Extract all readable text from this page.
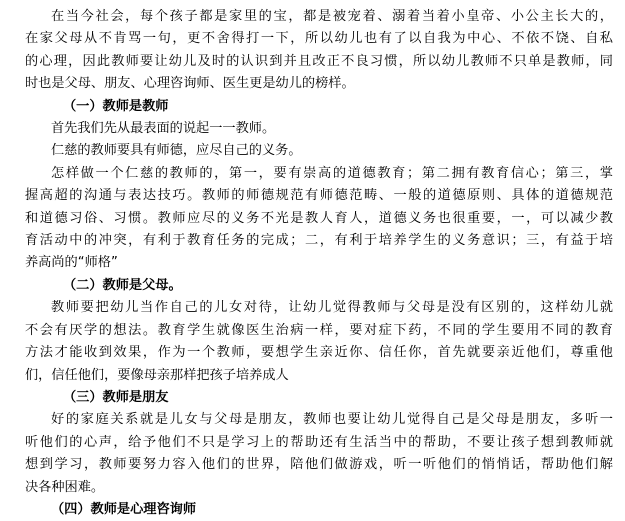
在当今社会，每个孩子都是家里的宝，都是被宠着、溺着当着小皇帝、小公主长大的，
在家父母从不肯骂一句，更不舍得打一下，所以幼儿也有了以自我为中心、不依不饶、自私
的心理，因此教师要让幼儿及时的认识到并且改正不良习惯，所以幼儿教师不只单是教师，同
时也是父母、朋友、心理咨询师、医生更是幼儿的榜样。
（一）教师是教师
首先我们先从最表面的说起一一教师。
仁慈的教师要具有师德，应尽自己的义务。
怎样做一个仁慈的教师的，第一，要有崇高的道德教育；第二拥有教育信心；第三，掌
握高超的沟通与表达技巧。教师的师德规范有师德范畴、一般的道德原则、具体的道德规范
和道德习俗、习惯。教师应尽的义务不光是教人育人，道德义务也很重要，一，可以减少教
育活动中的冲突，有利于教育任务的完成；二，有利于培养学生的义务意识；三，有益于培
养高尚的“师格”
（二）教师是父母。
教师要把幼儿当作自己的儿女对待，让幼儿觉得教师与父母是没有区别的，这样幼儿就
不会有厌学的想法。教育学生就像医生治病一样，要对症下药，不同的学生要用不同的教育
方法才能收到效果，作为一个教师，要想学生亲近你、信任你，首先就要亲近他们，尊重他
们，信任他们，要像母亲那样把孩子培养成人
（三）教师是朋友
好的家庭关系就是儿女与父母是朋友，教师也要让幼儿觉得自己是父母是朋友，多听一
听他们的心声，给予他们不只是学习上的帮助还有生活当中的帮助，不要让孩子想到教师就
想到学习，教师要努力容入他们的世界，陪他们做游戏，听一听他们的悄悄话，帮助他们解
决各种困难。
（四）教师是心理咨询师
